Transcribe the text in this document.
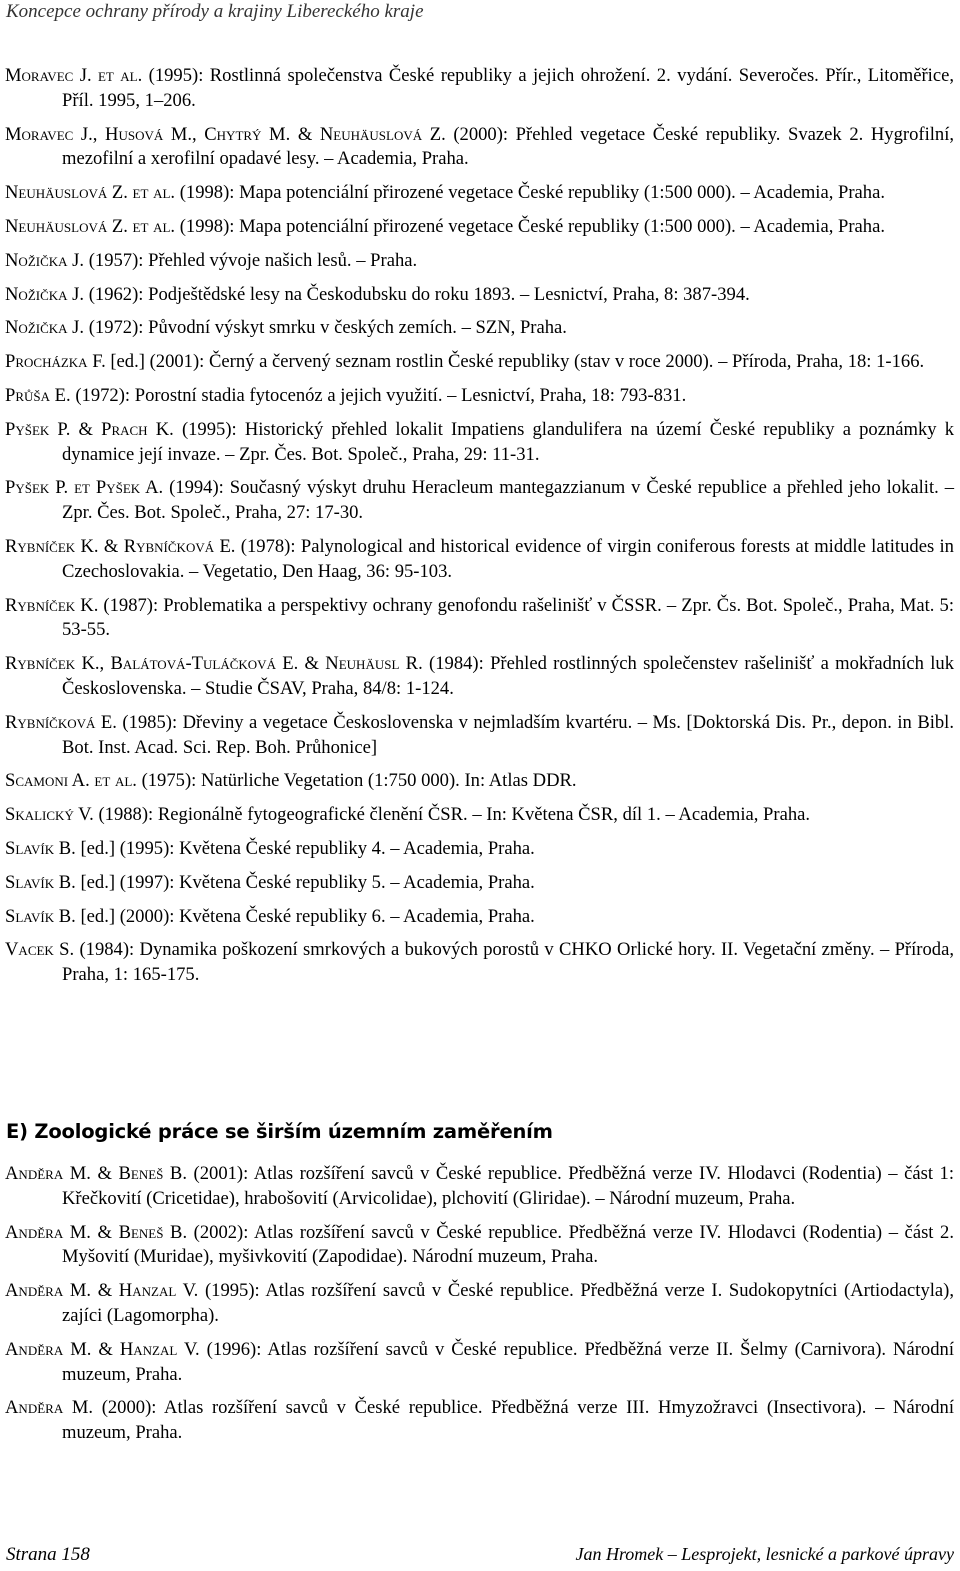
Koncepce ochrany přírody a krajiny Libereckého kraje

Moravec J. et al. (1995): Rostlinná společenstva České republiky a jejich ohrožení. 2. vydání. Severočes. Přír., Litoměřice, Příl. 1995, 1–206.

Moravec J., Husová M., Chytrý M. & Neuhäuslová Z. (2000): Přehled vegetace České republiky. Svazek 2. Hygrofilní, mezofilní a xerofilní opadavé lesy. – Academia, Praha.

Neuhäuslová Z. et al. (1998): Mapa potenciální přirozené vegetace České republiky (1:500 000). – Academia, Praha.

Neuhäuslová Z. et al. (1998): Mapa potenciální přirozené vegetace České republiky (1:500 000). – Academia, Praha.

Nožička J. (1957): Přehled vývoje našich lesů. – Praha.

Nožička J. (1962): Podještědské lesy na Českodubsku do roku 1893. – Lesnictví, Praha, 8: 387-394.

Nožička J. (1972): Původní výskyt smrku v českých zemích. – SZN, Praha.

Procházka F. [ed.] (2001): Černý a červený seznam rostlin České republiky (stav v roce 2000). – Příroda, Praha, 18: 1-166.

Průša E. (1972): Porostní stadia fytocenóz a jejich využití. – Lesnictví, Praha, 18: 793-831.

Pyšek P. & Prach K. (1995): Historický přehled lokalit Impatiens glandulifera na území České republiky a poznámky k dynamice její invaze. – Zpr. Čes. Bot. Společ., Praha, 29: 11-31.

Pyšek P. et Pyšek A. (1994): Současný výskyt druhu Heracleum mantegazzianum v České republice a přehled jeho lokalit. – Zpr. Čes. Bot. Společ., Praha, 27: 17-30.

Rybníček K. & Rybníčková E. (1978): Palynological and historical evidence of virgin coniferous forests at middle latitudes in Czechoslovakia. – Vegetatio, Den Haag, 36: 95-103.

Rybníček K. (1987): Problematika a perspektivy ochrany genofondu rašelinišť v ČSSR. – Zpr. Čs. Bot. Společ., Praha, Mat. 5: 53-55.

Rybníček K., Balátová-Tuláčková E. & Neuhäusl R. (1984): Přehled rostlinných společenstev rašelinišť a mokřadních luk Československa. – Studie ČSAV, Praha, 84/8: 1-124.

Rybníčková E. (1985): Dřeviny a vegetace Československa v nejmladším kvartéru. – Ms. [Doktorská Dis. Pr., depon. in Bibl. Bot. Inst. Acad. Sci. Rep. Boh. Průhonice]

Scamoni A. et al. (1975): Natürliche Vegetation (1:750 000). In: Atlas DDR.

Skalický V. (1988): Regionálně fytogeografické členění ČSR. – In: Květena ČSR, díl 1. – Academia, Praha.

Slavík B. [ed.] (1995): Květena České republiky 4. – Academia, Praha.

Slavík B. [ed.] (1997): Květena České republiky 5. – Academia, Praha.

Slavík B. [ed.] (2000): Květena České republiky 6. – Academia, Praha.

Vacek S. (1984): Dynamika poškození smrkových a bukových porostů v CHKO Orlické hory. II. Vegetační změny. – Příroda, Praha, 1: 165-175.

E) Zoologické práce se širším územním zaměřením

Anděra M. & Beneš B. (2001): Atlas rozšíření savců v České republice. Předběžná verze IV. Hlodavci (Rodentia) – část 1: Křečkovití (Cricetidae), hrabošovití (Arvicolidae), plchovití (Gliridae). – Národní muzeum, Praha.

Anděra M. & Beneš B. (2002): Atlas rozšíření savců v České republice. Předběžná verze IV. Hlodavci (Rodentia) – část 2. Myšovití (Muridae), myšivkovití (Zapodidae). Národní muzeum, Praha.

Anděra M. & Hanzal V. (1995): Atlas rozšíření savců v České republice. Předběžná verze I. Sudokopytníci (Artiodactyla), zajíci (Lagomorpha).

Anděra M. & Hanzal V. (1996): Atlas rozšíření savců v České republice. Předběžná verze II. Šelmy (Carnivora). Národní muzeum, Praha.

Anděra M. (2000): Atlas rozšíření savců v České republice. Předběžná verze III. Hmyzožravci (Insectivora). – Národní muzeum, Praha.

Strana 158	Jan Hromek – Lesprojekt, lesnické a parkové úpravy
